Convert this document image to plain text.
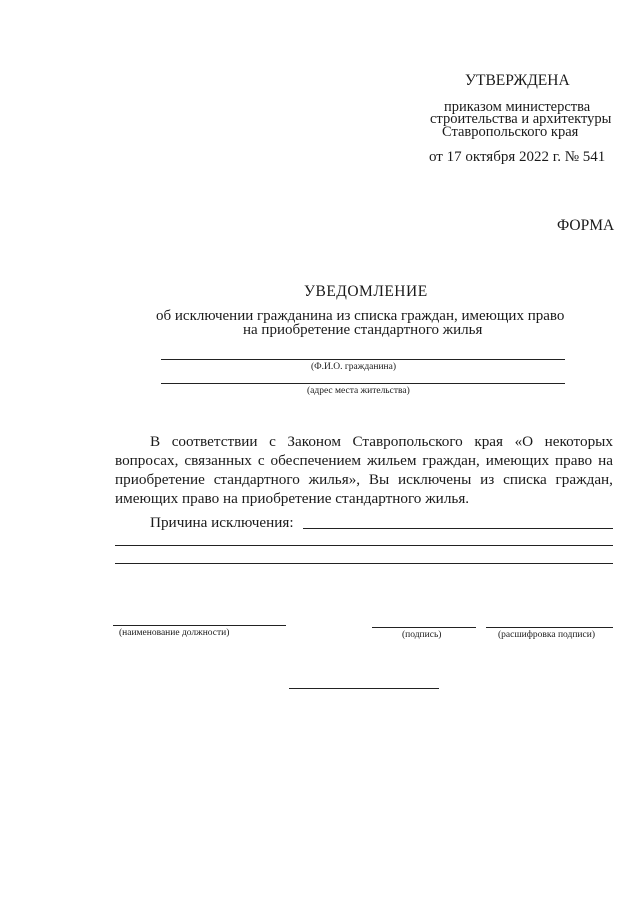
УТВЕРЖДЕНА
приказом министерства
строительства и архитектуры
Ставропольского края
от 17 октября 2022 г. № 541
ФОРМА
УВЕДОМЛЕНИЕ
об исключении гражданина из списка граждан, имеющих право
на приобретение стандартного жилья
(Ф.И.О. гражданина)
(адрес места жительства)
В соответствии с Законом Ставропольского края «О некоторых
вопросах, связанных с обеспечением жильем граждан, имеющих право на
приобретение стандартного жилья», Вы исключены из списка граждан,
имеющих право на приобретение стандартного жилья.
Причина исключения:
(наименование должности)	(подпись)	(расшифровка подписи)
